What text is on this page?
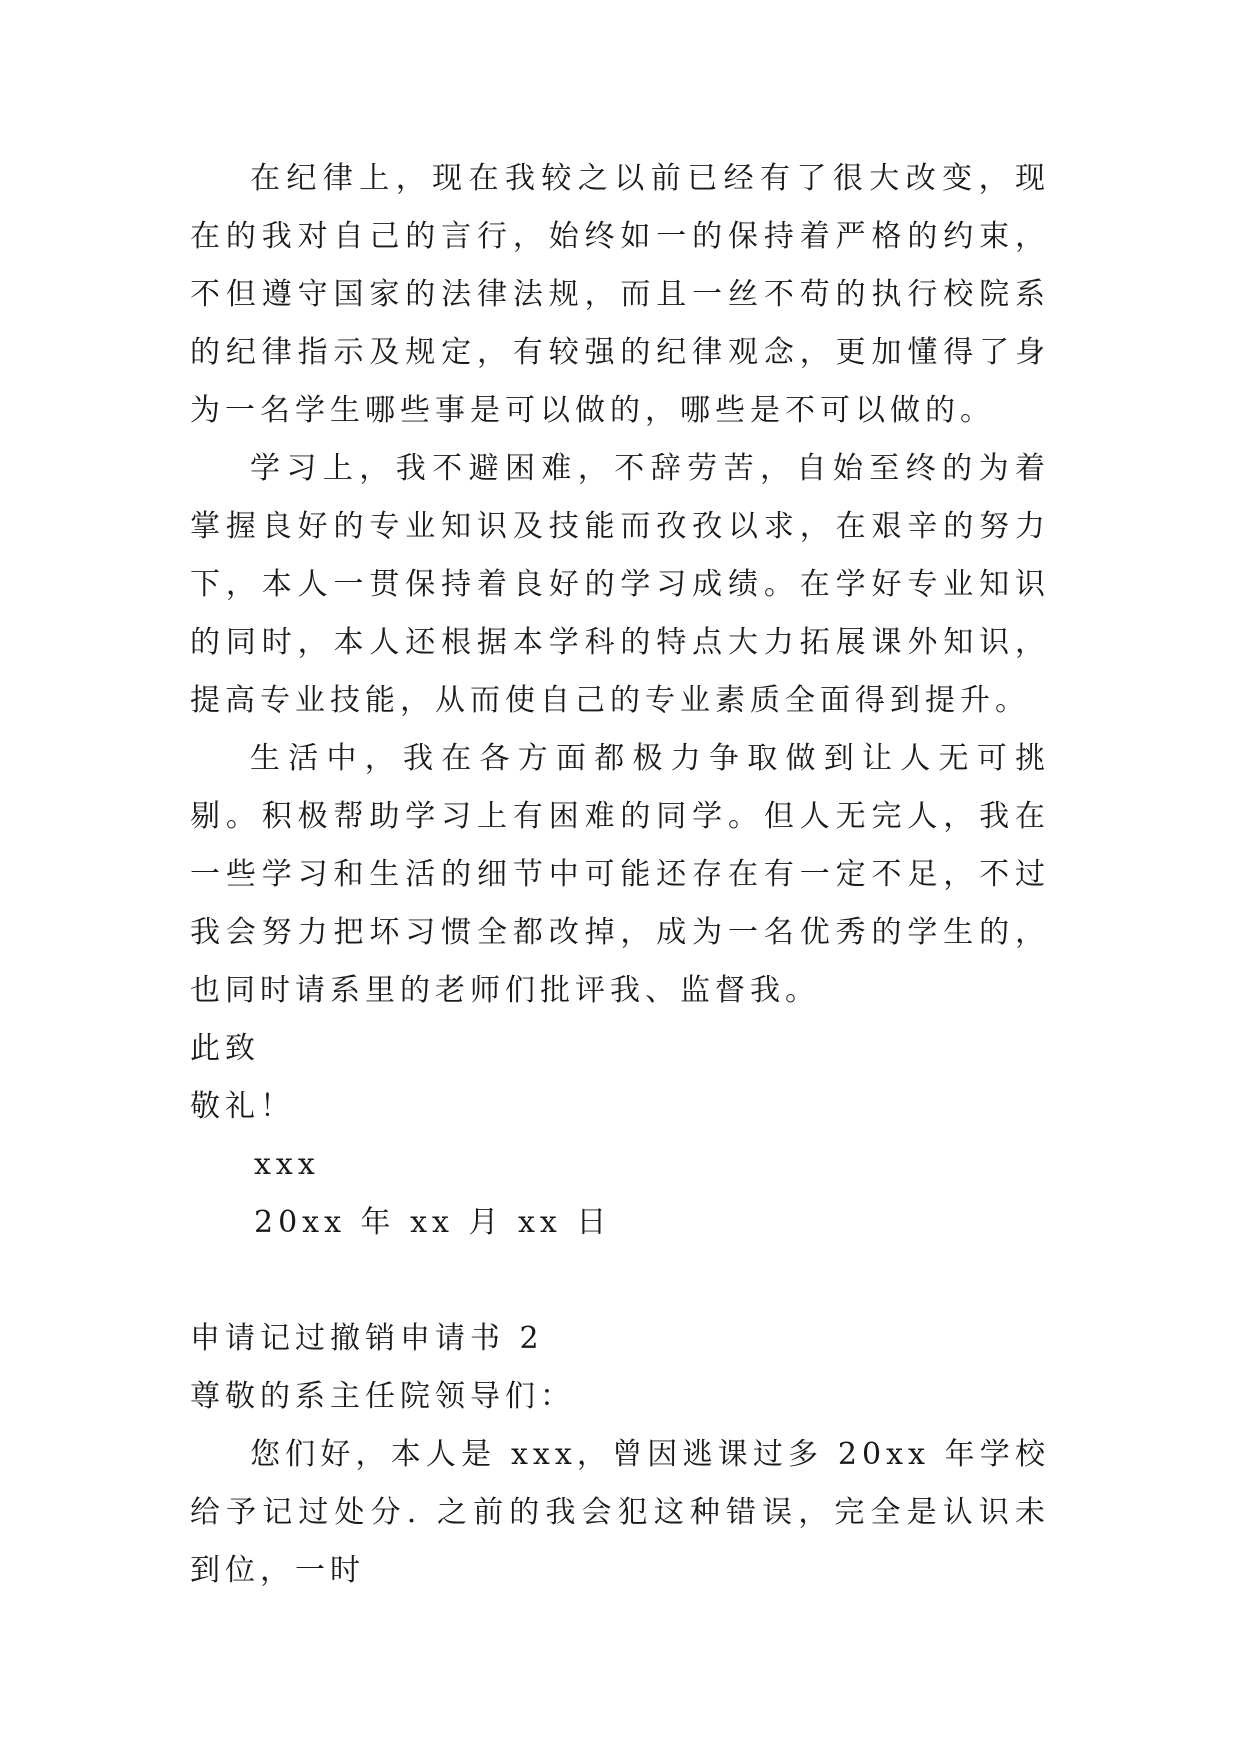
在纪律上，现在我较之以前已经有了很大改变，现在的我对自己的言行，始终如一的保持着严格的约束，不但遵守国家的法律法规，而且一丝不苟的执行校院系的纪律指示及规定，有较强的纪律观念，更加懂得了身为一名学生哪些事是可以做的，哪些是不可以做的。

学习上，我不避困难，不辞劳苦，自始至终的为着掌握良好的专业知识及技能而孜孜以求，在艰辛的努力下，本人一贯保持着良好的学习成绩。在学好专业知识的同时，本人还根据本学科的特点大力拓展课外知识，提高专业技能，从而使自己的专业素质全面得到提升。

生活中，我在各方面都极力争取做到让人无可挑剔。积极帮助学习上有困难的同学。但人无完人，我在一些学习和生活的细节中可能还存在有一定不足，不过我会努力把坏习惯全都改掉，成为一名优秀的学生的，也同时请系里的老师们批评我、监督我。

此致

敬礼！

xxx

20xx 年 xx 月 xx 日

申请记过撤销申请书 2

尊敬的系主任院领导们：

您们好，本人是 xxx，曾因逃课过多 20xx 年学校给予记过处分. 之前的我会犯这种错误，完全是认识未到位，一时
